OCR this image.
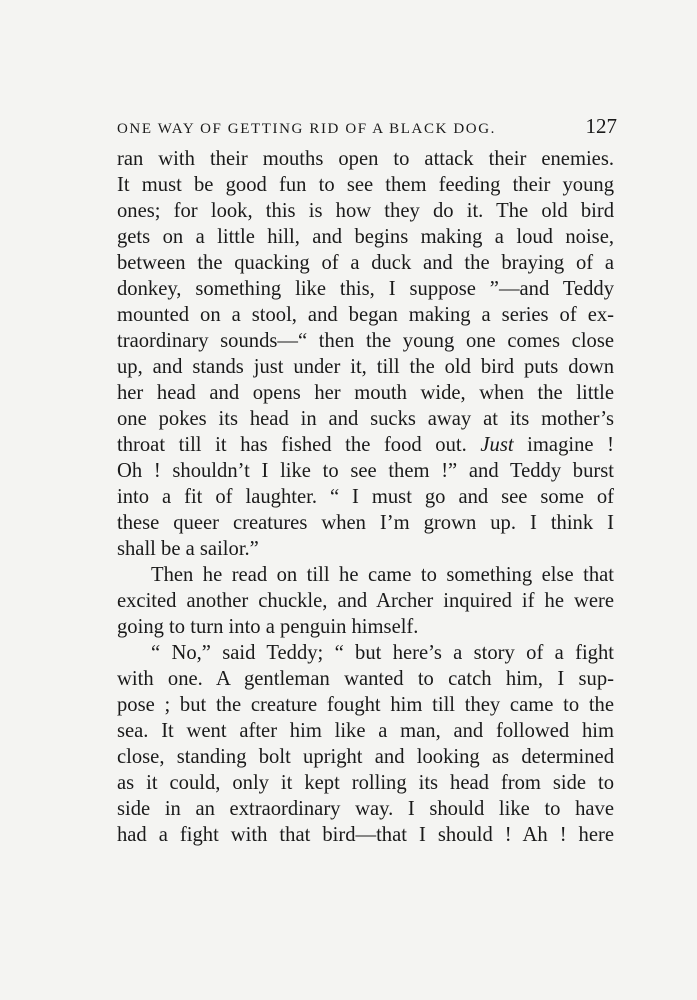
ONE WAY OF GETTING RID OF A BLACK DOG.	127
ran with their mouths open to attack their enemies.
It must be good fun to see them feeding their young
ones; for look, this is how they do it. The old bird
gets on a little hill, and begins making a loud noise,
between the quacking of a duck and the braying of a
donkey, something like this, I suppose ”—and Teddy
mounted on a stool, and began making a series of ex-
traordinary sounds—“ then the young one comes close
up, and stands just under it, till the old bird puts down
her head and opens her mouth wide, when the little
one pokes its head in and sucks away at its mother’s
throat till it has fished the food out. Just imagine !
Oh ! shouldn’t I like to see them !” and Teddy burst
into a fit of laughter. “ I must go and see some of
these queer creatures when I’m grown up. I think I
shall be a sailor.”
Then he read on till he came to something else that
excited another chuckle, and Archer inquired if he were
going to turn into a penguin himself.
“ No,” said Teddy; “ but here’s a story of a fight
with one. A gentleman wanted to catch him, I sup-
pose ; but the creature fought him till they came to the
sea. It went after him like a man, and followed him
close, standing bolt upright and looking as determined
as it could, only it kept rolling its head from side to
side in an extraordinary way. I should like to have
had a fight with that bird—that I should ! Ah ! here
